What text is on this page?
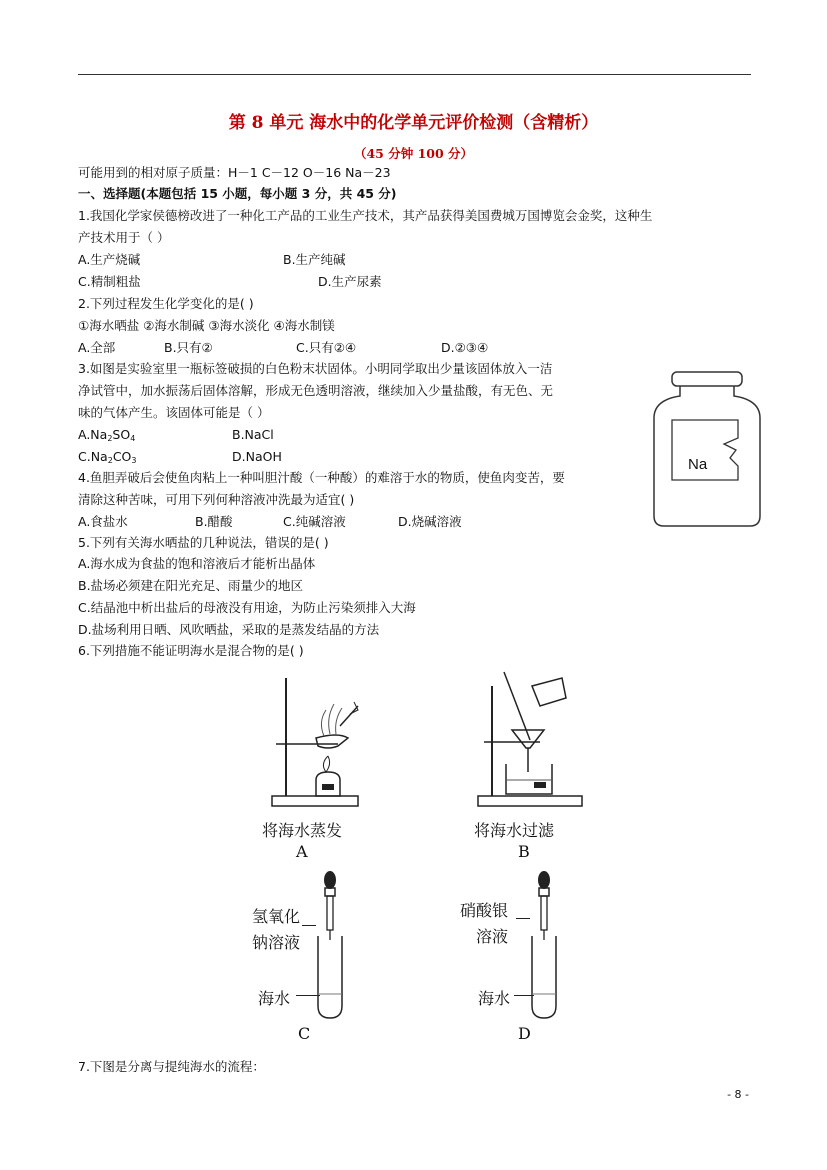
第 8 单元 海水中的化学单元评价检测（含精析）
（45 分钟 100 分）
可能用到的相对原子质量：H－1 C－12 O－16 Na－23
一、选择题(本题包括 15 小题，每小题 3 分，共 45 分)
1.我国化学家侯德榜改进了一种化工产品的工业生产技术，其产品获得美国费城万国博览会金奖，这种生
产技术用于（ ）
A.生产烧碱	B.生产纯碱
C.精制粗盐	D.生产尿素
2.下列过程发生化学变化的是( )
①海水晒盐 ②海水制碱 ③海水淡化 ④海水制镁
A.全部	B.只有②	C.只有②④	D.②③④
3.如图是实验室里一瓶标签破损的白色粉末状固体。小明同学取出少量该固体放入一洁
净试管中，加水振荡后固体溶解，形成无色透明溶液，继续加入少量盐酸，有无色、无
味的气体产生。该固体可能是（ ）
$A.Na_2SO_4$	B.NaCl
$C.Na_2CO_3$	D.NaOH	Na
4.鱼胆弄破后会使鱼肉粘上一种叫胆汁酸（一种酸）的难溶于水的物质，使鱼肉变苦，要
清除这种苦味，可用下列何种溶液冲洗最为适宜( )
A.食盐水	B.醋酸	C.纯碱溶液	D.烧碱溶液
5.下列有关海水晒盐的几种说法，错误的是( )
A.海水成为食盐的饱和溶液后才能析出晶体
B.盐场必须建在阳光充足、雨量少的地区
C.结晶池中析出盐后的母液没有用途，为防止污染须排入大海
D.盐场利用日晒、风吹晒盐，采取的是蒸发结晶的方法
6.下列措施不能证明海水是混合物的是( )
将海水蒸发
A
将海水过滤
B
氢氧化
钠溶液
海水
C
硝酸银
溶液
海水
D
7.下图是分离与提纯海水的流程：
- 8 -
